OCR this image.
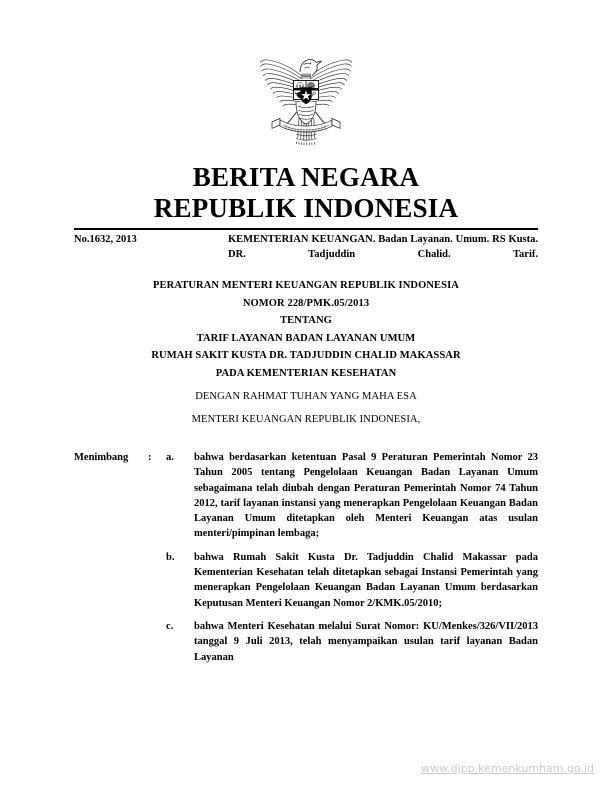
BERITA NEGARA
REPUBLIK INDONESIA
No.1632, 2013	KEMENTERIAN KEUANGAN. Badan Layanan. Umum. RS Kusta. DR. Tadjuddin Chalid. Tarif.
PERATURAN MENTERI KEUANGAN REPUBLIK INDONESIA
NOMOR 228/PMK.05/2013
TENTANG
TARIF LAYANAN BADAN LAYANAN UMUM
RUMAH SAKIT KUSTA DR. TADJUDDIN CHALID MAKASSAR
PADA KEMENTERIAN KESEHATAN
DENGAN RAHMAT TUHAN YANG MAHA ESA
MENTERI KEUANGAN REPUBLIK INDONESIA,
Menimbang	:	a.	bahwa berdasarkan ketentuan Pasal 9 Peraturan Pemerintah Nomor 23 Tahun 2005 tentang Pengelolaan Keuangan Badan Layanan Umum sebagaimana telah diubah dengan Peraturan Pemerintah Nomor 74 Tahun 2012, tarif layanan instansi yang menerapkan Pengelolaan Keuangan Badan Layanan Umum ditetapkan oleh Menteri Keuangan atas usulan menteri/pimpinan lembaga;
b.	bahwa Rumah Sakit Kusta Dr. Tadjuddin Chalid Makassar pada Kementerian Kesehatan telah ditetapkan sebagai Instansi Pemerintah yang menerapkan Pengelolaan Keuangan Badan Layanan Umum berdasarkan Keputusan Menteri Keuangan Nomor 2/KMK.05/2010;
c.	bahwa Menteri Kesehatan melalui Surat Nomor: KU/Menkes/326/VII/2013 tanggal 9 Juli 2013, telah menyampaikan usulan tarif layanan Badan Layanan
www.djpp.kemenkumham.go.id
